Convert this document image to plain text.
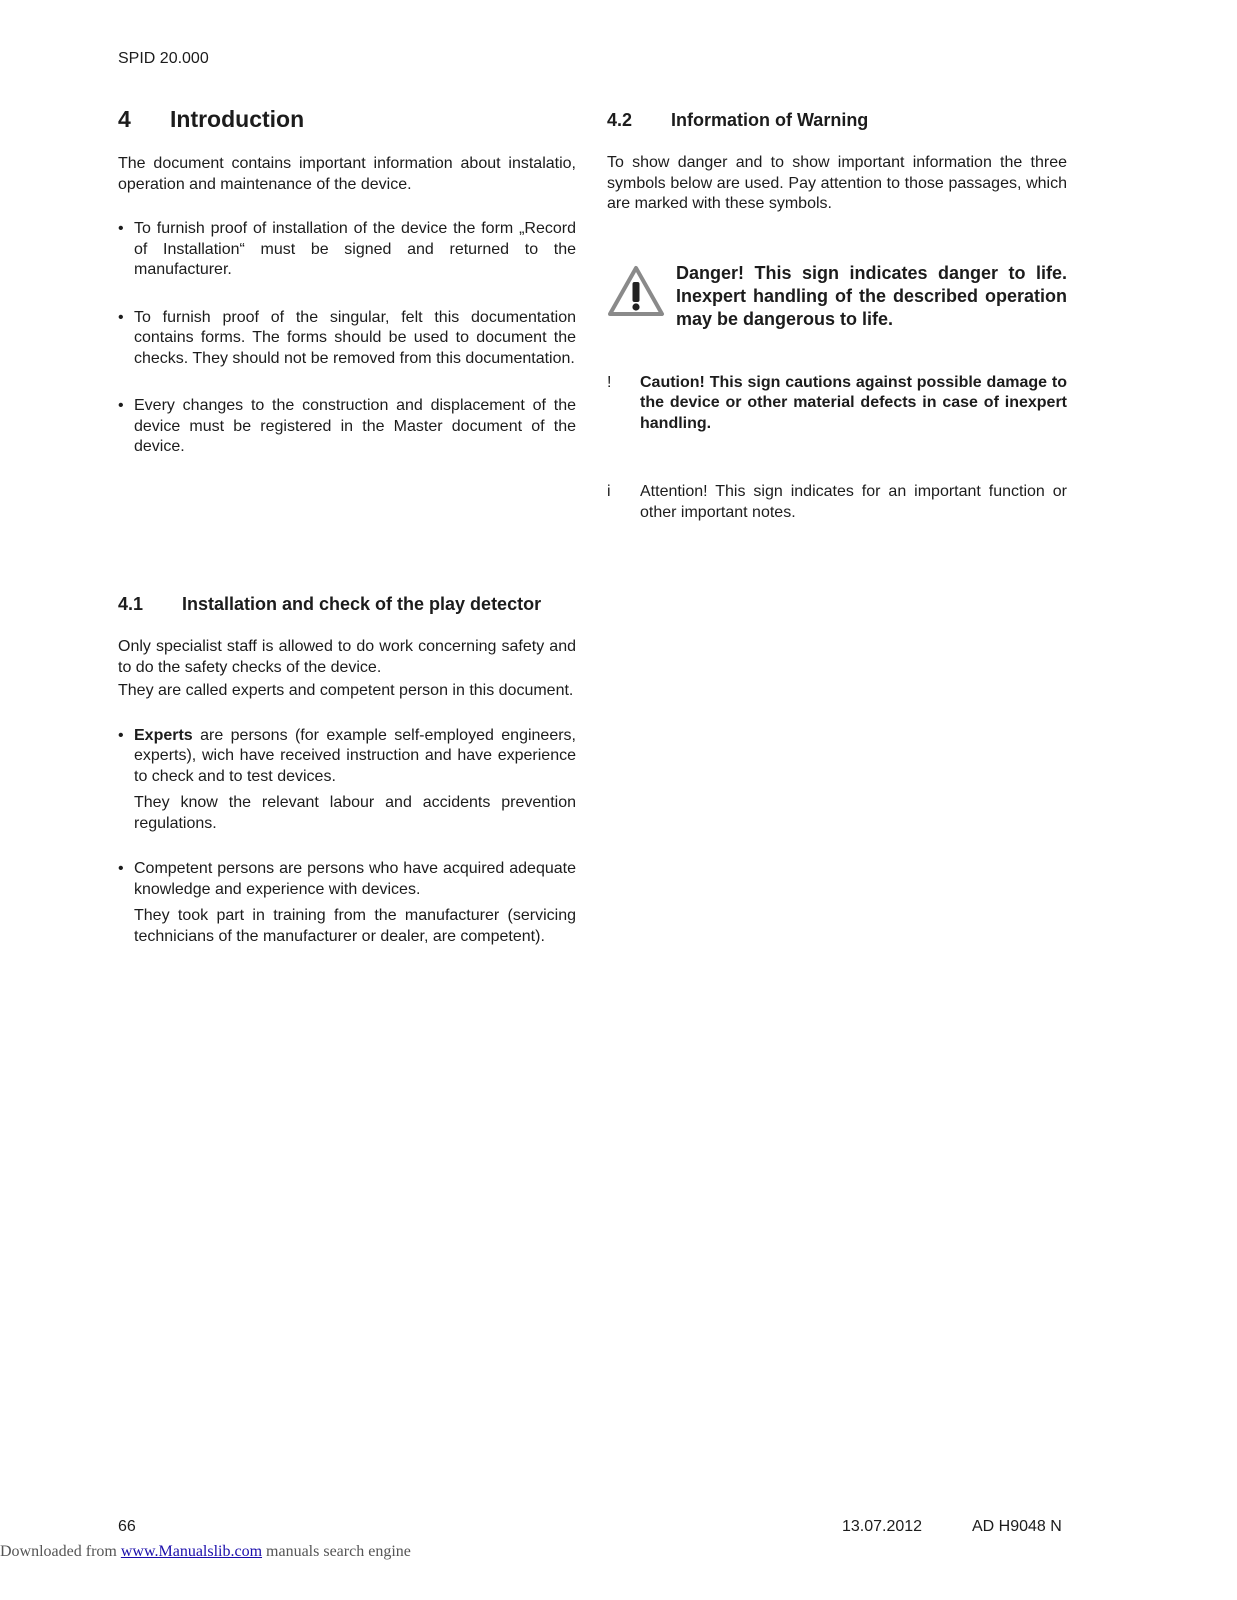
SPID 20.000
4 Introduction

The document contains important information about instalatio, operation and maintenance of the device.

• To furnish proof of installation of the device the form „Record of Installation“ must be signed and returned to the manufacturer.
• To furnish proof of the singular, felt this documentation contains forms. The forms should be used to document the checks. They should not be removed from this documentation.
• Every changes to the construction and displacement of the device must be registered in the Master document of the device.
4.1 Installation and check of the play detector

Only specialist staff is allowed to do work concerning safety and to do the safety checks of the device.

They are called experts and competent person in this document.

• Experts are persons (for example self-employed engineers, experts), wich have received instruction and have experience to check and to test devices.

They know the relevant labour and accidents prevention regulations.

• Competent persons are persons who have acquired adequate knowledge and experience with devices.

They took part in training from the manufacturer (servicing technicians of the manufacturer or dealer, are competent).

4.2 Information of Warning

To show danger and to show important information the three symbols below are used. Pay attention to those passages, which are marked with these symbols.

Danger! This sign indicates danger to life. Inexpert handling of the described operation may be dangerous to life.

! Caution! This sign cautions against possible damage to the device or other material defects in case of inexpert handling.
i Attention! This sign indicates for an important function or other important notes.
66	13.07.2012	AD H9048 N
Downloaded from www.Manualslib.com manuals search engine
